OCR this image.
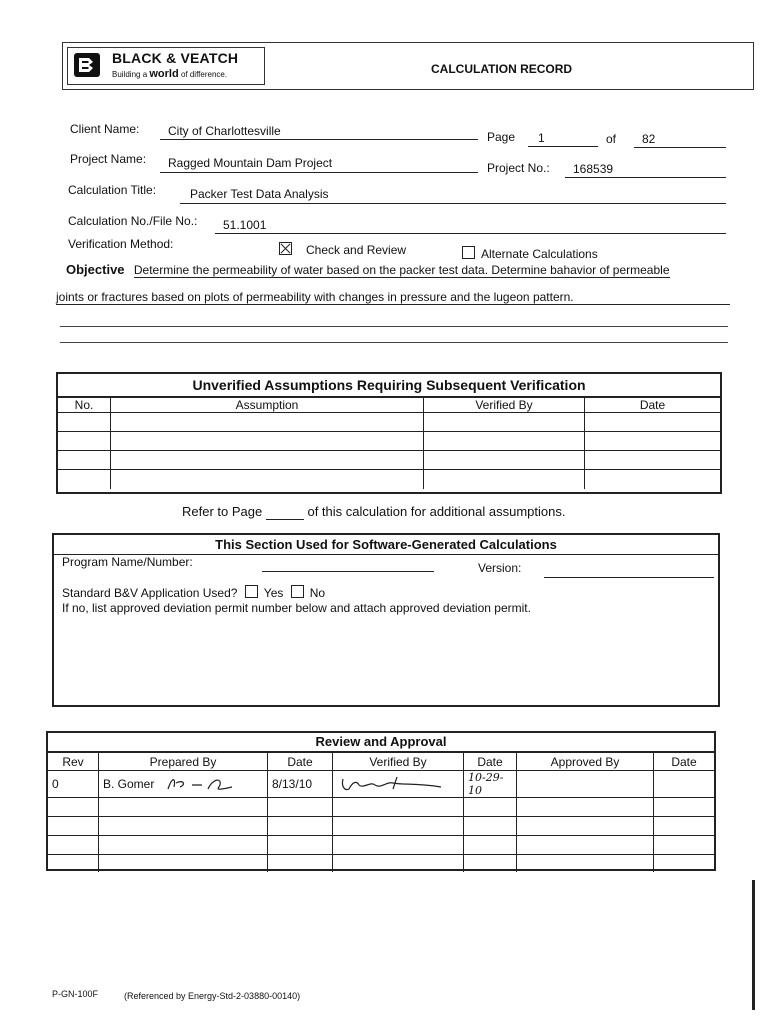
BLACK & VEATCH
Building a world of difference.	CALCULATION RECORD
Client Name:	City of Charlottesville	Page	1	of	82
Project Name:	Ragged Mountain Dam Project	Project No.:	168539
Calculation Title:	Packer Test Data Analysis
Calculation No./File No.:	51.1001
Verification Method:	Check and Review	Alternate Calculations
Objective Determine the permeability of water based on the packer test data. Determine bahavior of permeable
joints or fractures based on plots of permeability with changes in pressure and the lugeon pattern.
Unverified Assumptions Requiring Subsequent Verification
No.	Assumption	Verified By	Date

Refer to Page	of this calculation for additional assumptions.
This Section Used for Software-Generated Calculations
Program Name/Number:	Version:
Standard B&V Application Used? Yes No
If no, list approved deviation permit number below and attach approved deviation permit.
Review and Approval
Rev	Prepared By	Date	Verified By	Date	Approved By	Date
0	B. Gomer	8/13/10		10-29-10		

P-GN-100F	(Referenced by Energy-Std-2-03880-00140)
